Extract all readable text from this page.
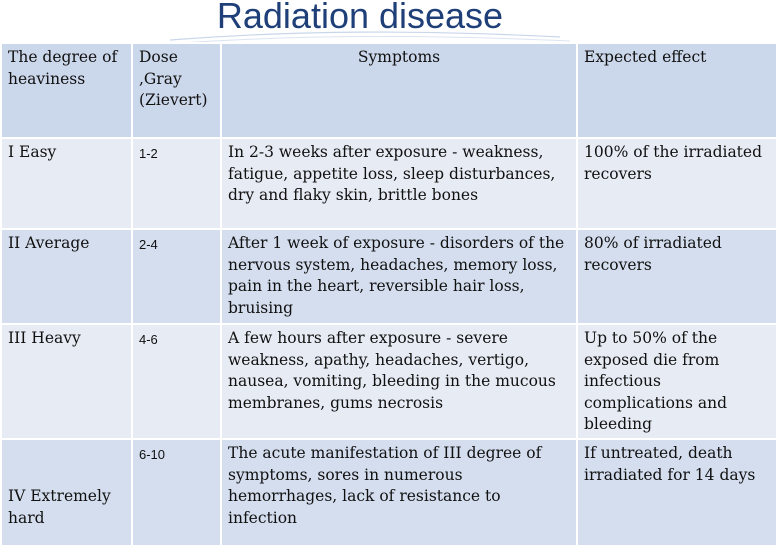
Radiation disease
The degree of heaviness	Dose ,Gray (Zievert)	Symptoms	Expected effect
I Easy	1-2	In 2-3 weeks after exposure - weakness, fatigue, appetite loss, sleep disturbances, dry and flaky skin, brittle bones	100% of the irradiated recovers
II Average	2-4	After 1 week of exposure - disorders of the nervous system, headaches, memory loss, pain in the heart, reversible hair loss, bruising	80% of irradiated recovers
III Heavy	4-6	A few hours after exposure - severe weakness, apathy, headaches, vertigo, nausea, vomiting, bleeding in the mucous membranes, gums necrosis	Up to 50% of the exposed die from infectious complications and bleeding

IV Extremely hard	6-10	The acute manifestation of III degree of symptoms, sores in numerous hemorrhages, lack of resistance to infection	If untreated, death irradiated for 14 days
